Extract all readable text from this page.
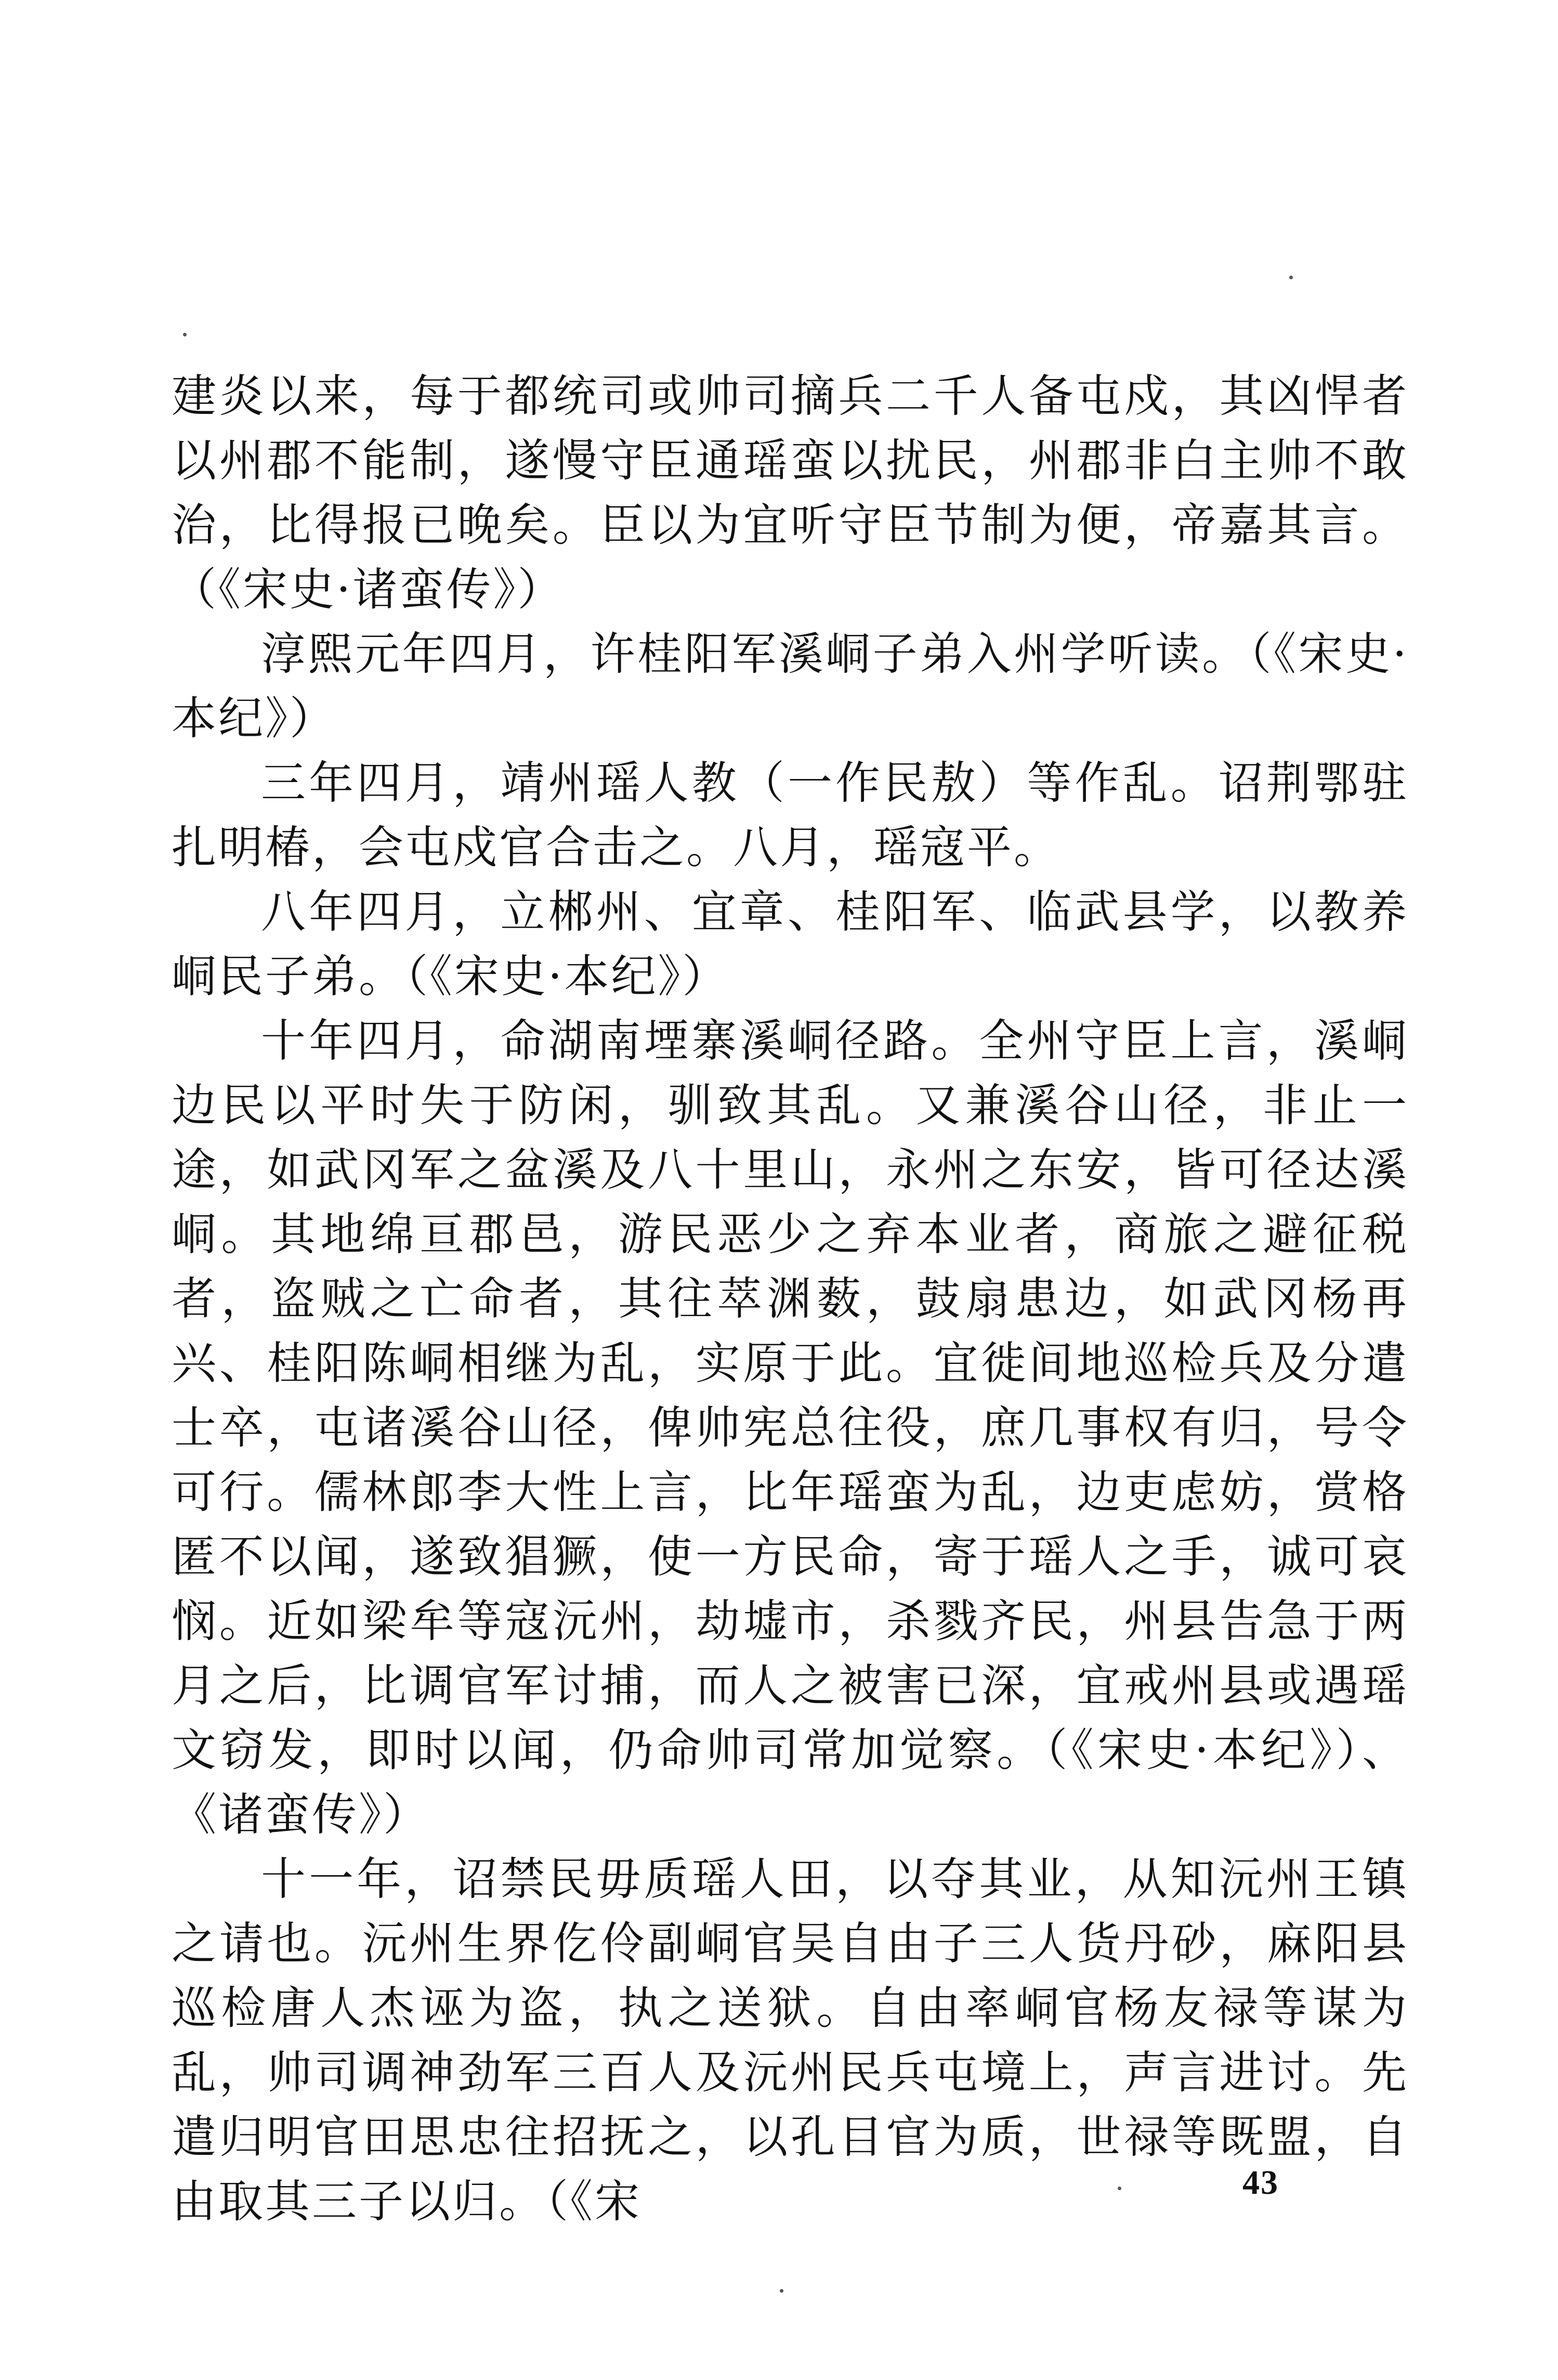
建炎以来，每于都统司或帅司摘兵二千人备屯戍，其凶悍者以州郡不能制，遂慢守臣通瑶蛮以扰民，州郡非白主帅不敢治，比得报已晚矣。臣以为宜听守臣节制为便，帝嘉其言。（《宋史·诸蛮传》）

淳熙元年四月，许桂阳军溪峒子弟入州学听读。（《宋史·本纪》）

三年四月，靖州瑶人教（一作民敖）等作乱。诏荆鄂驻扎明椿，会屯戍官合击之。八月，瑶寇平。

八年四月，立郴州、宜章、桂阳军、临武县学，以教养峒民子弟。（《宋史·本纪》）

十年四月，命湖南堙寨溪峒径路。全州守臣上言，溪峒边民以平时失于防闲，驯致其乱。又兼溪谷山径，非止一途，如武冈军之盆溪及八十里山，永州之东安，皆可径达溪峒。其地绵亘郡邑，游民恶少之弃本业者，商旅之避征税者，盗贼之亡命者，其往萃渊薮，鼓扇患边，如武冈杨再兴、桂阳陈峒相继为乱，实原于此。宜徙间地巡检兵及分遣士卒，屯诸溪谷山径，俾帅宪总往役，庶几事权有归，号令可行。儒林郎李大性上言，比年瑶蛮为乱，边吏虑妨，赏格匿不以闻，遂致猖獗，使一方民命，寄于瑶人之手，诚可哀悯。近如梁牟等寇沅州，劫墟市，杀戮齐民，州县告急于两月之后，比调官军讨捕，而人之被害已深，宜戒州县或遇瑶文窃发，即时以闻，仍命帅司常加觉察。（《宋史·本纪》）、《诸蛮传》）

十一年，诏禁民毋质瑶人田，以夺其业，从知沅州王镇之请也。沅州生界仡伶副峒官吴自由子三人货丹砂，麻阳县巡检唐人杰诬为盗，执之送狱。自由率峒官杨友禄等谋为乱，帅司调神劲军三百人及沅州民兵屯境上，声言进讨。先遣归明官田思忠往招抚之，以孔目官为质，世禄等既盟，自由取其三子以归。（《宋	43
